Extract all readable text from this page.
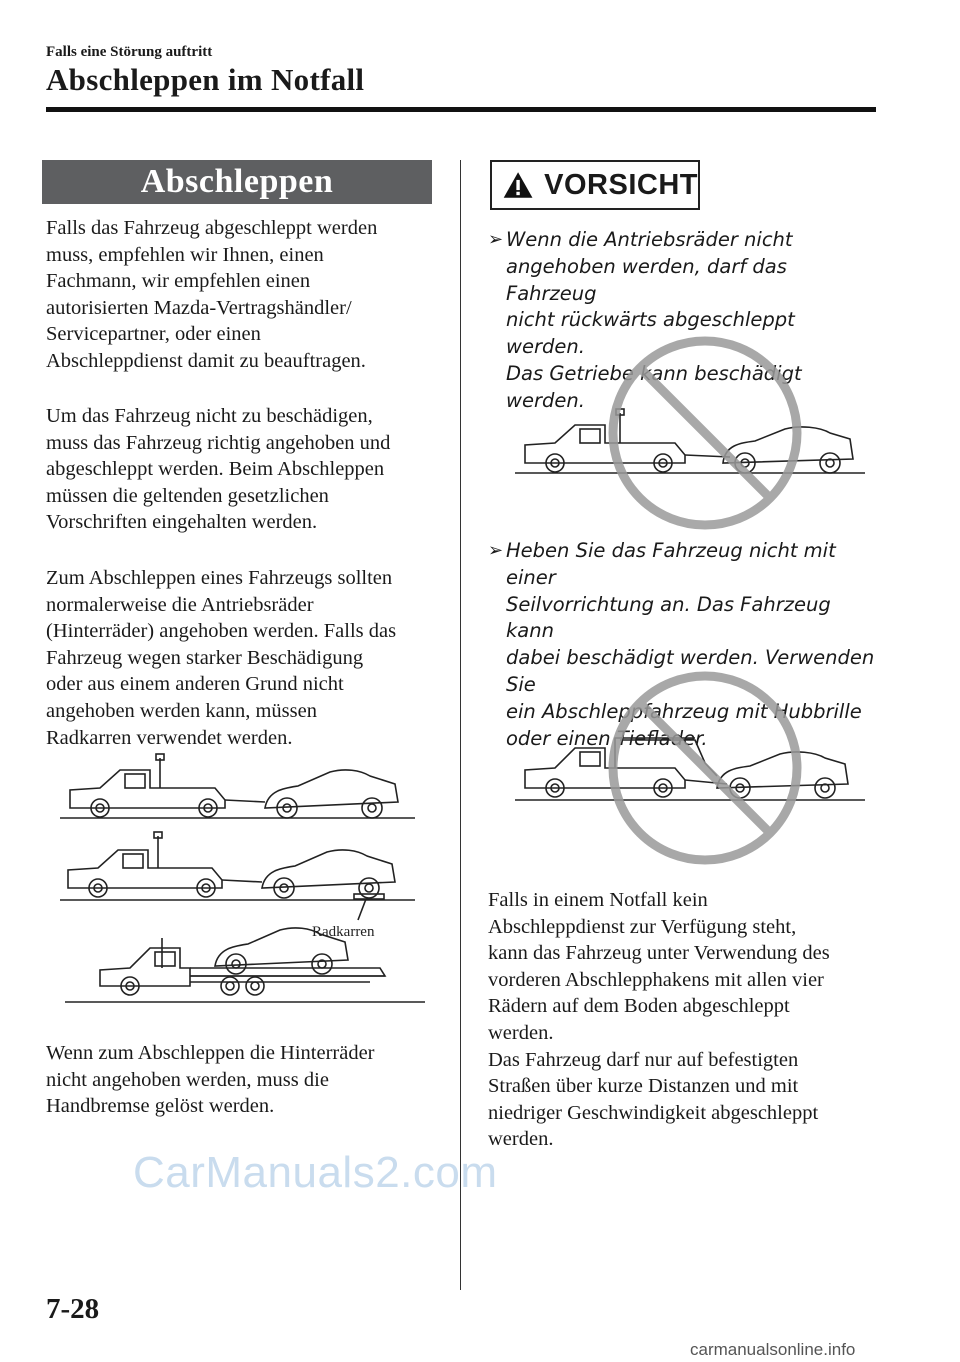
Falls eine Störung auftritt
Abschleppen im Notfall
Abschleppen
Falls das Fahrzeug abgeschleppt werden
muss, empfehlen wir Ihnen, einen
Fachmann, wir empfehlen einen
autorisierten Mazda-Vertragshändler/
Servicepartner, oder einen
Abschleppdienst damit zu beauftragen.
Um das Fahrzeug nicht zu beschädigen,
muss das Fahrzeug richtig angehoben und
abgeschleppt werden. Beim Abschleppen
müssen die geltenden gesetzlichen
Vorschriften eingehalten werden.
Zum Abschleppen eines Fahrzeugs sollten
normalerweise die Antriebsräder
(Hinterräder) angehoben werden. Falls das
Fahrzeug wegen starker Beschädigung
oder aus einem anderen Grund nicht
angehoben werden kann, müssen
Radkarren verwendet werden.
Radkarren
Wenn zum Abschleppen die Hinterräder
nicht angehoben werden, muss die
Handbremse gelöst werden.
VORSICHT
➢ Wenn die Antriebsräder nicht
angehoben werden, darf das Fahrzeug
nicht rückwärts abgeschleppt werden.
Das Getriebe kann beschädigt werden.
➢ Heben Sie das Fahrzeug nicht mit einer
Seilvorrichtung an. Das Fahrzeug kann
dabei beschädigt werden. Verwenden Sie
ein Abschleppfahrzeug mit Hubbrille
oder einen Tieflader.
Falls in einem Notfall kein
Abschleppdienst zur Verfügung steht,
kann das Fahrzeug unter Verwendung des
vorderen Abschlepphakens mit allen vier
Rädern auf dem Boden abgeschleppt
werden.
Das Fahrzeug darf nur auf befestigten
Straßen über kurze Distanzen und mit
niedriger Geschwindigkeit abgeschleppt
werden.
CarManuals2.com
7-28
carmanualsonline.info
